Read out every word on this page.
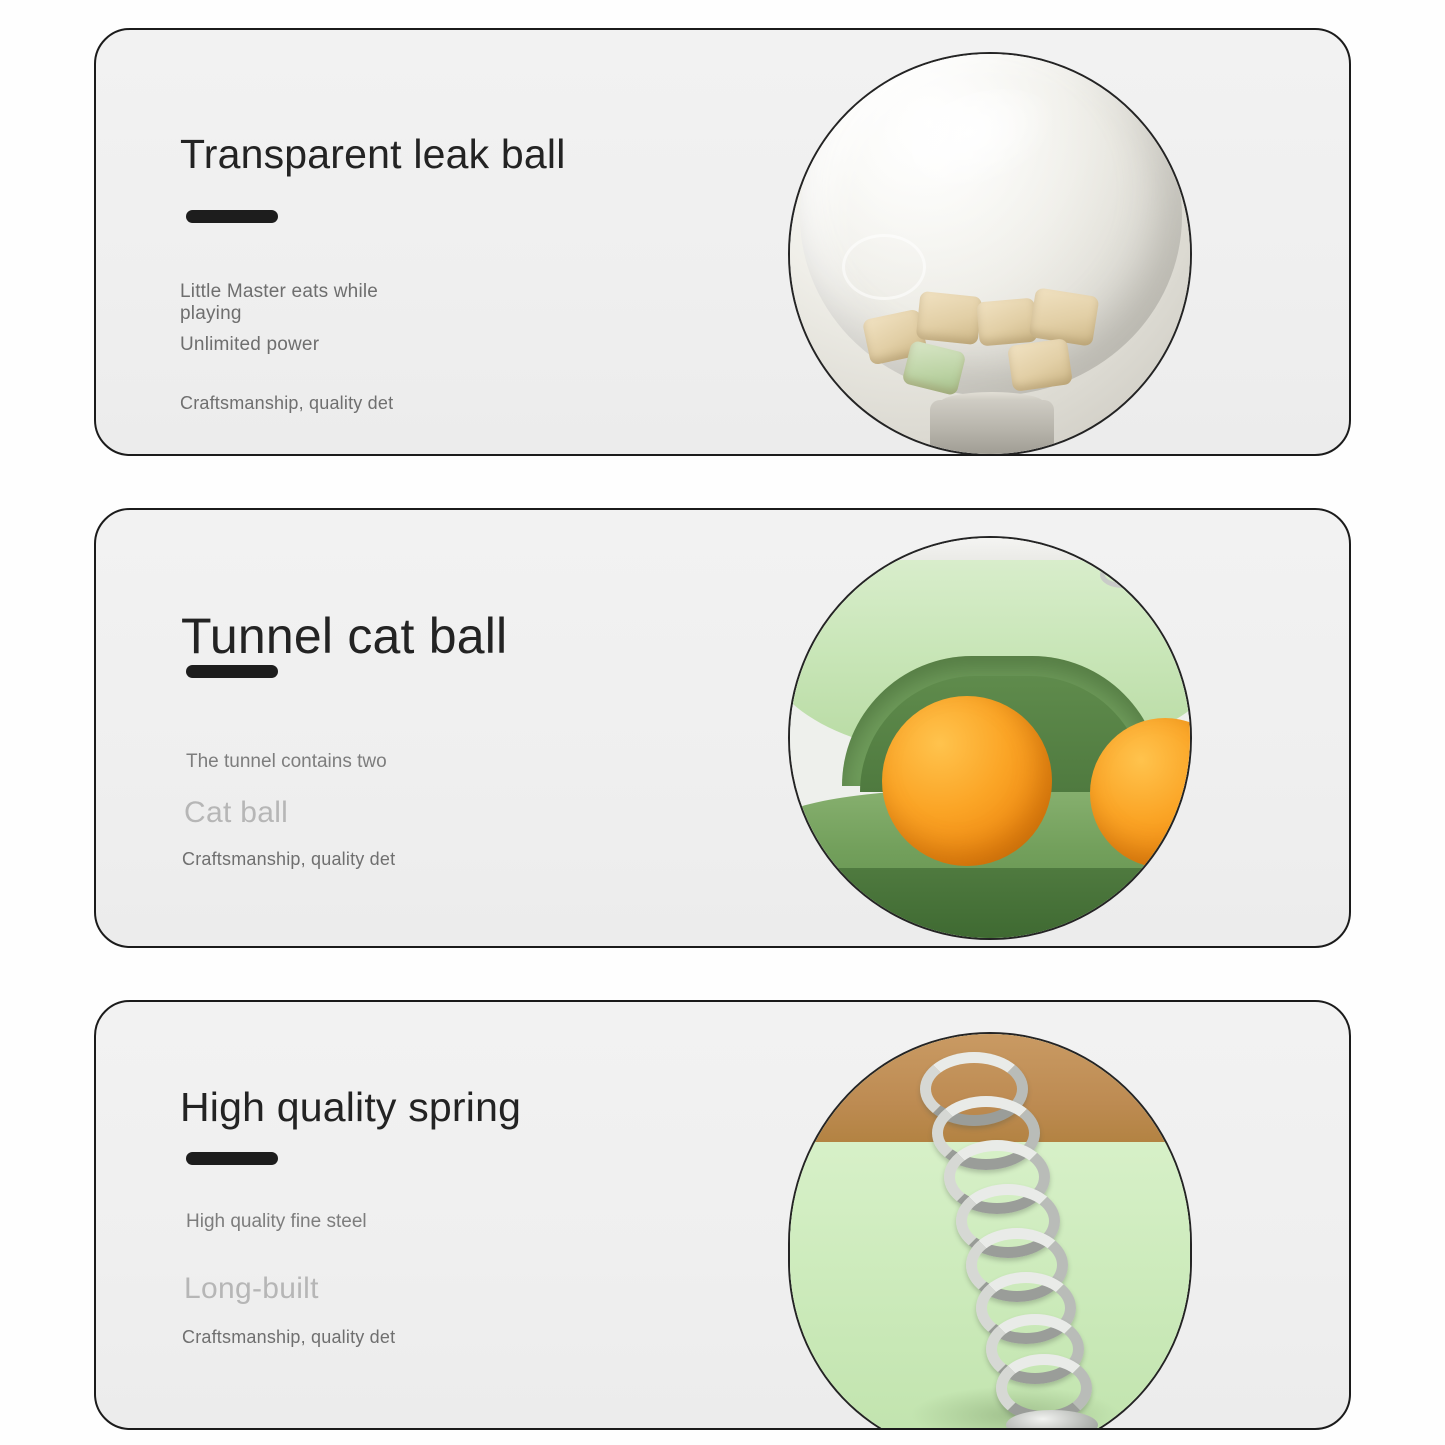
Transparent leak ball

Little Master eats while playing

Unlimited power

Craftsmanship, quality det

Tunnel cat ball

The tunnel contains two

Cat ball

Craftsmanship, quality det

High quality spring

High quality fine steel

Long-built

Craftsmanship, quality det
